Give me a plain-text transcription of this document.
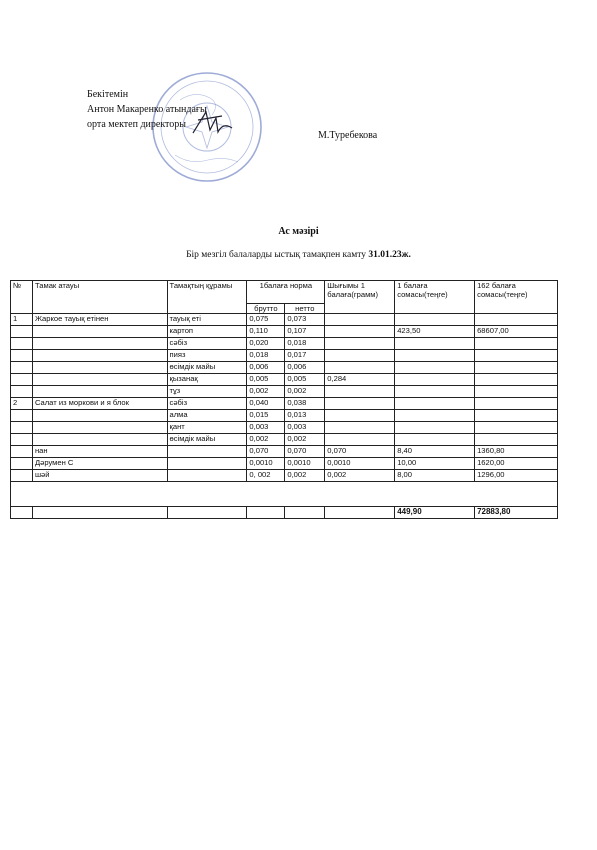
Бекітемін
Антон Макаренко атындағы
орта мектеп директоры
М.Туребекова
Ас мәзірі
Бір мезгіл балаларды ыстық тамақпен камту 31.01.23ж.
№	Тамак атауы	Тамақтың құрамы	1балаға норма		Шығымы 1 балаға(грамм)	1 балаға сомасы(теңге)	162 балаға сомасы(теңге)
			брутто	нетто			
1	Жаркое тауық етінен	тауық еті	0,075	0,073			
		картоп	0,110	0,107		423,50	68607,00
		сәбіз	0,020	0,018			
		пияз	0,018	0,017			
		өсімдік майы	0,006	0,006			
		қызанақ	0,005	0,005	0,284		
		тұз	0,002	0,002			
2	Салат из моркови и я блок	сәбіз	0,040	0,038			
		алма	0,015	0,013			
		қант	0,003	0,003			
		өсімдік майы	0,002	0,002			
	нан		0,070	0,070	0,070	8,40	1360,80
	Дәрумен С		0,0010	0,0010	0,0010	10,00	1620,00
	шәй		0, 002	0,002	0,002	8,00	1296,00

						449,90	72883,80
